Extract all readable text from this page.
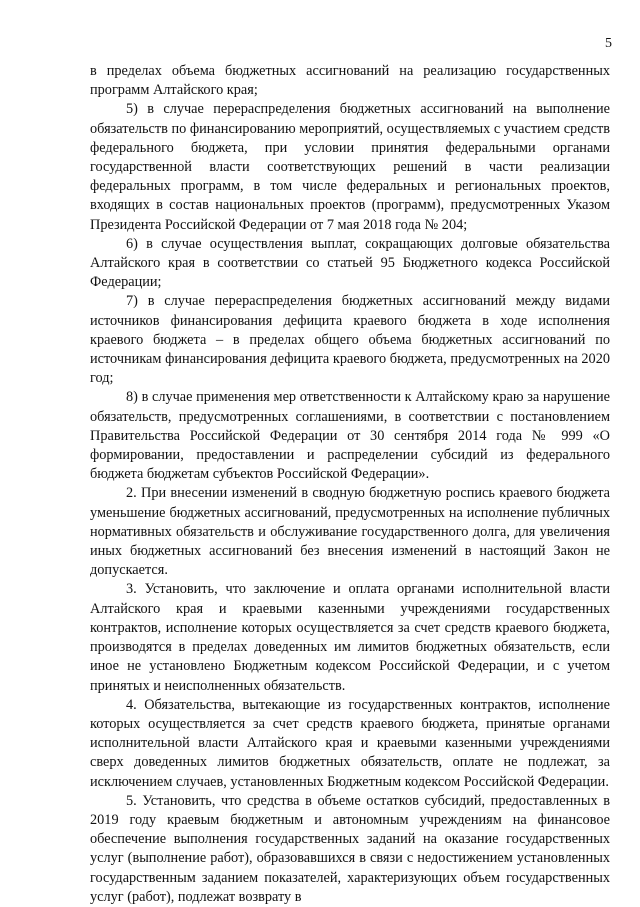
5

в пределах объема бюджетных ассигнований на реализацию государственных программ Алтайского края;

5) в случае перераспределения бюджетных ассигнований на выполнение обязательств по финансированию мероприятий, осуществляемых с участием средств федерального бюджета, при условии принятия федеральными органами государственной власти соответствующих решений в части реализации федеральных программ, в том числе федеральных и региональных проектов, входящих в состав национальных проектов (программ), предусмотренных Указом Президента Российской Федерации от 7 мая 2018 года № 204;

6) в случае осуществления выплат, сокращающих долговые обязательства Алтайского края в соответствии со статьей 95 Бюджетного кодекса Российской Федерации;

7) в случае перераспределения бюджетных ассигнований между видами источников финансирования дефицита краевого бюджета в ходе исполнения краевого бюджета – в пределах общего объема бюджетных ассигнований по источникам финансирования дефицита краевого бюджета, предусмотренных на 2020 год;

8) в случае применения мер ответственности к Алтайскому краю за нарушение обязательств, предусмотренных соглашениями, в соответствии с постановлением Правительства Российской Федерации от 30 сентября 2014 года № 999 «О формировании, предоставлении и распределении субсидий из федерального бюджета бюджетам субъектов Российской Федерации».

2. При внесении изменений в сводную бюджетную роспись краевого бюджета уменьшение бюджетных ассигнований, предусмотренных на исполнение публичных нормативных обязательств и обслуживание государственного долга, для увеличения иных бюджетных ассигнований без внесения изменений в настоящий Закон не допускается.

3. Установить, что заключение и оплата органами исполнительной власти Алтайского края и краевыми казенными учреждениями государственных контрактов, исполнение которых осуществляется за счет средств краевого бюджета, производятся в пределах доведенных им лимитов бюджетных обязательств, если иное не установлено Бюджетным кодексом Российской Федерации, и с учетом принятых и неисполненных обязательств.

4. Обязательства, вытекающие из государственных контрактов, исполнение которых осуществляется за счет средств краевого бюджета, принятые органами исполнительной власти Алтайского края и краевыми казенными учреждениями сверх доведенных лимитов бюджетных обязательств, оплате не подлежат, за исключением случаев, установленных Бюджетным кодексом Российской Федерации.

5. Установить, что средства в объеме остатков субсидий, предоставленных в 2019 году краевым бюджетным и автономным учреждениям на финансовое обеспечение выполнения государственных заданий на оказание государственных услуг (выполнение работ), образовавшихся в связи с недостижением установленных государственным заданием показателей, характеризующих объем государственных услуг (работ), подлежат возврату в
